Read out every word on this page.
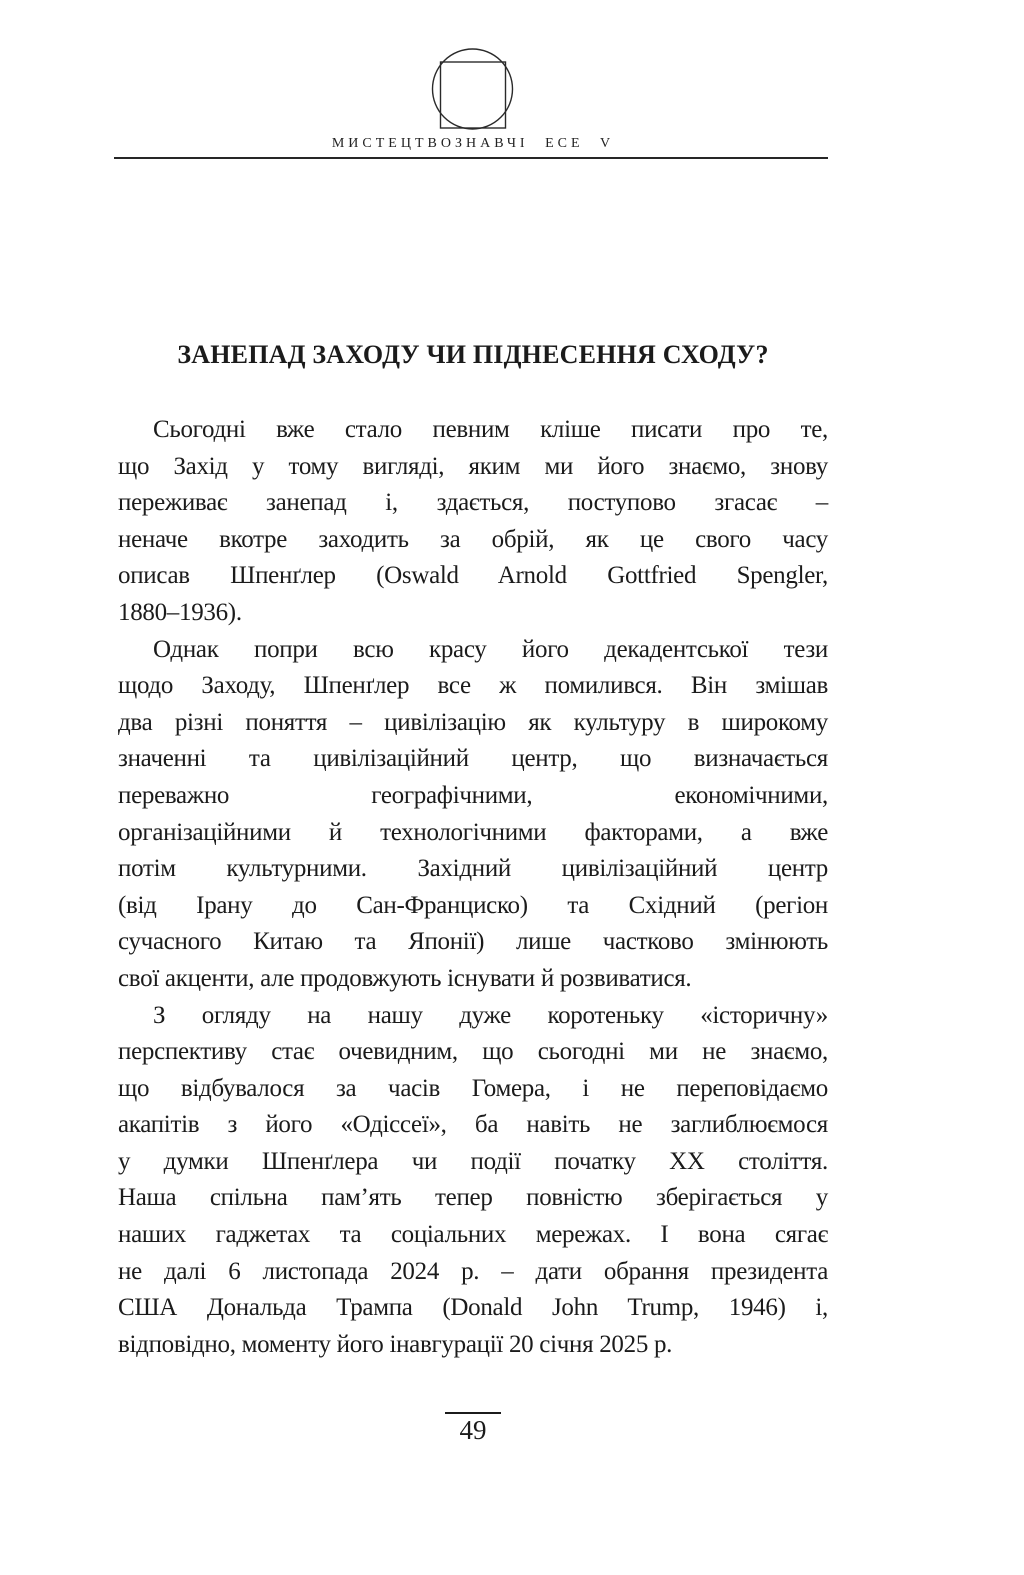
МИСТЕЦТВОЗНАВЧІ ЕСЕ V
ЗАНЕПАД ЗАХОДУ ЧИ ПІДНЕСЕННЯ СХОДУ?
Сьогодні вже стало певним кліше писати про те,
що Захід у тому вигляді, яким ми його знаємо, знову
переживає занепад і, здається, поступово згасає –
неначе вкотре заходить за обрій, як це свого часу
описав Шпенґлер (Oswald Arnold Gottfried Spengler,
1880–1936).
Однак попри всю красу його декадентської тези
щодо Заходу, Шпенґлер все ж помилився. Він змішав
два різні поняття – цивілізацію як культуру в широкому
значенні та цивілізаційний центр, що визначається
переважно географічними, економічними,
організаційними й технологічними факторами, а вже
потім культурними. Західний цивілізаційний центр
(від Ірану до Сан-Франциско) та Східний (регіон
сучасного Китаю та Японії) лише частково змінюють
свої акценти, але продовжують існувати й розвиватися.
З огляду на нашу дуже коротеньку «історичну»
перспективу стає очевидним, що сьогодні ми не знаємо,
що відбувалося за часів Гомера, і не переповідаємо
акапітів з його «Одіссеї», ба навіть не заглиблюємося
у думки Шпенґлера чи події початку XX століття.
Наша спільна пам’ять тепер повністю зберігається у
наших гаджетах та соціальних мережах. І вона сягає
не далі 6 листопада 2024 р. – дати обрання президента
США Дональда Трампа (Donald John Trump, 1946) і,
відповідно, моменту його інавгурації 20 січня 2025 р.
49
